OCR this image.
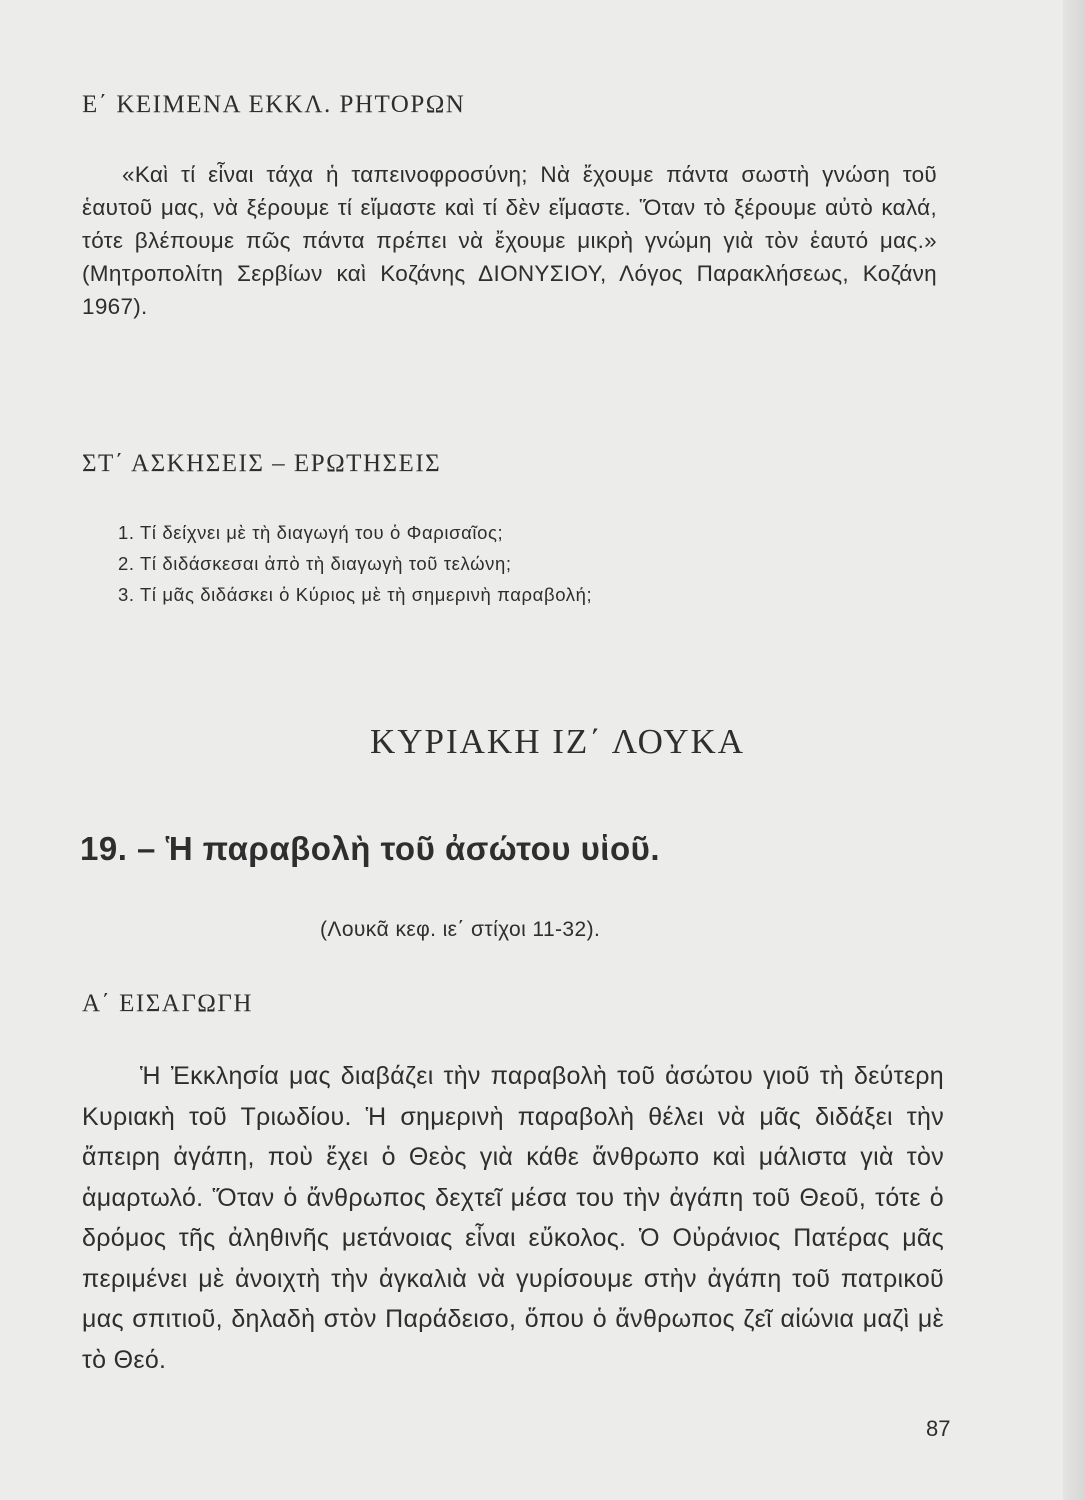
Ε΄ ΚΕΙΜΕΝΑ ΕΚΚΛ. ΡΗΤΟΡΩΝ

«Καὶ τί εἶναι τάχα ἡ ταπεινοφροσύνη; Νὰ ἔχουμε πάντα σωστὴ γνώση τοῦ ἑαυτοῦ μας, νὰ ξέρουμε τί εἴμαστε καὶ τί δὲν εἴμαστε. Ὅταν τὸ ξέρουμε αὐτὸ καλά, τότε βλέπουμε πῶς πάντα πρέπει νὰ ἔχουμε μικρὴ γνώμη γιὰ τὸν ἑαυτό μας.» (Μητροπολίτη Σερβίων καὶ Κοζάνης ΔΙΟΝΥΣΙΟΥ, Λόγος Παρακλήσεως, Κοζάνη 1967).

ΣΤ΄ ΑΣΚΗΣΕΙΣ – ΕΡΩΤΗΣΕΙΣ
1. Τί δείχνει μὲ τὴ διαγωγή του ὁ Φαρισαῖος;
2. Τί διδάσκεσαι ἀπὸ τὴ διαγωγὴ τοῦ τελώνη;
3. Τί μᾶς διδάσκει ὁ Κύριος μὲ τὴ σημερινὴ παραβολή;
ΚΥΡΙΑΚΗ ΙΖ΄ ΛΟΥΚΑ
19. – Ἡ παραβολὴ τοῦ ἀσώτου υἱοῦ.

(Λουκᾶ κεφ. ιε΄ στίχοι 11-32).

Α΄ ΕΙΣΑΓΩΓΗ

Ἡ Ἐκκλησία μας διαβάζει τὴν παραβολὴ τοῦ ἀσώτου γιοῦ τὴ δεύτερη Κυριακὴ τοῦ Τριωδίου. Ἡ σημερινὴ παραβολὴ θέλει νὰ μᾶς διδάξει τὴν ἄπειρη ἀγάπη, ποὺ ἔχει ὁ Θεὸς γιὰ κάθε ἄνθρωπο καὶ μάλιστα γιὰ τὸν ἁμαρτωλό. Ὅταν ὁ ἄνθρωπος δεχτεῖ μέσα του τὴν ἀγάπη τοῦ Θεοῦ, τότε ὁ δρόμος τῆς ἀληθινῆς μετάνοιας εἶναι εὔκολος. Ὁ Οὐράνιος Πατέρας μᾶς περιμένει μὲ ἀνοιχτὴ τὴν ἀγκαλιὰ νὰ γυρίσουμε στὴν ἀγάπη τοῦ πατρικοῦ μας σπιτιοῦ, δηλαδὴ στὸν Παράδεισο, ὅπου ὁ ἄνθρωπος ζεῖ αἰώνια μαζὶ μὲ τὸ Θεό.

87
